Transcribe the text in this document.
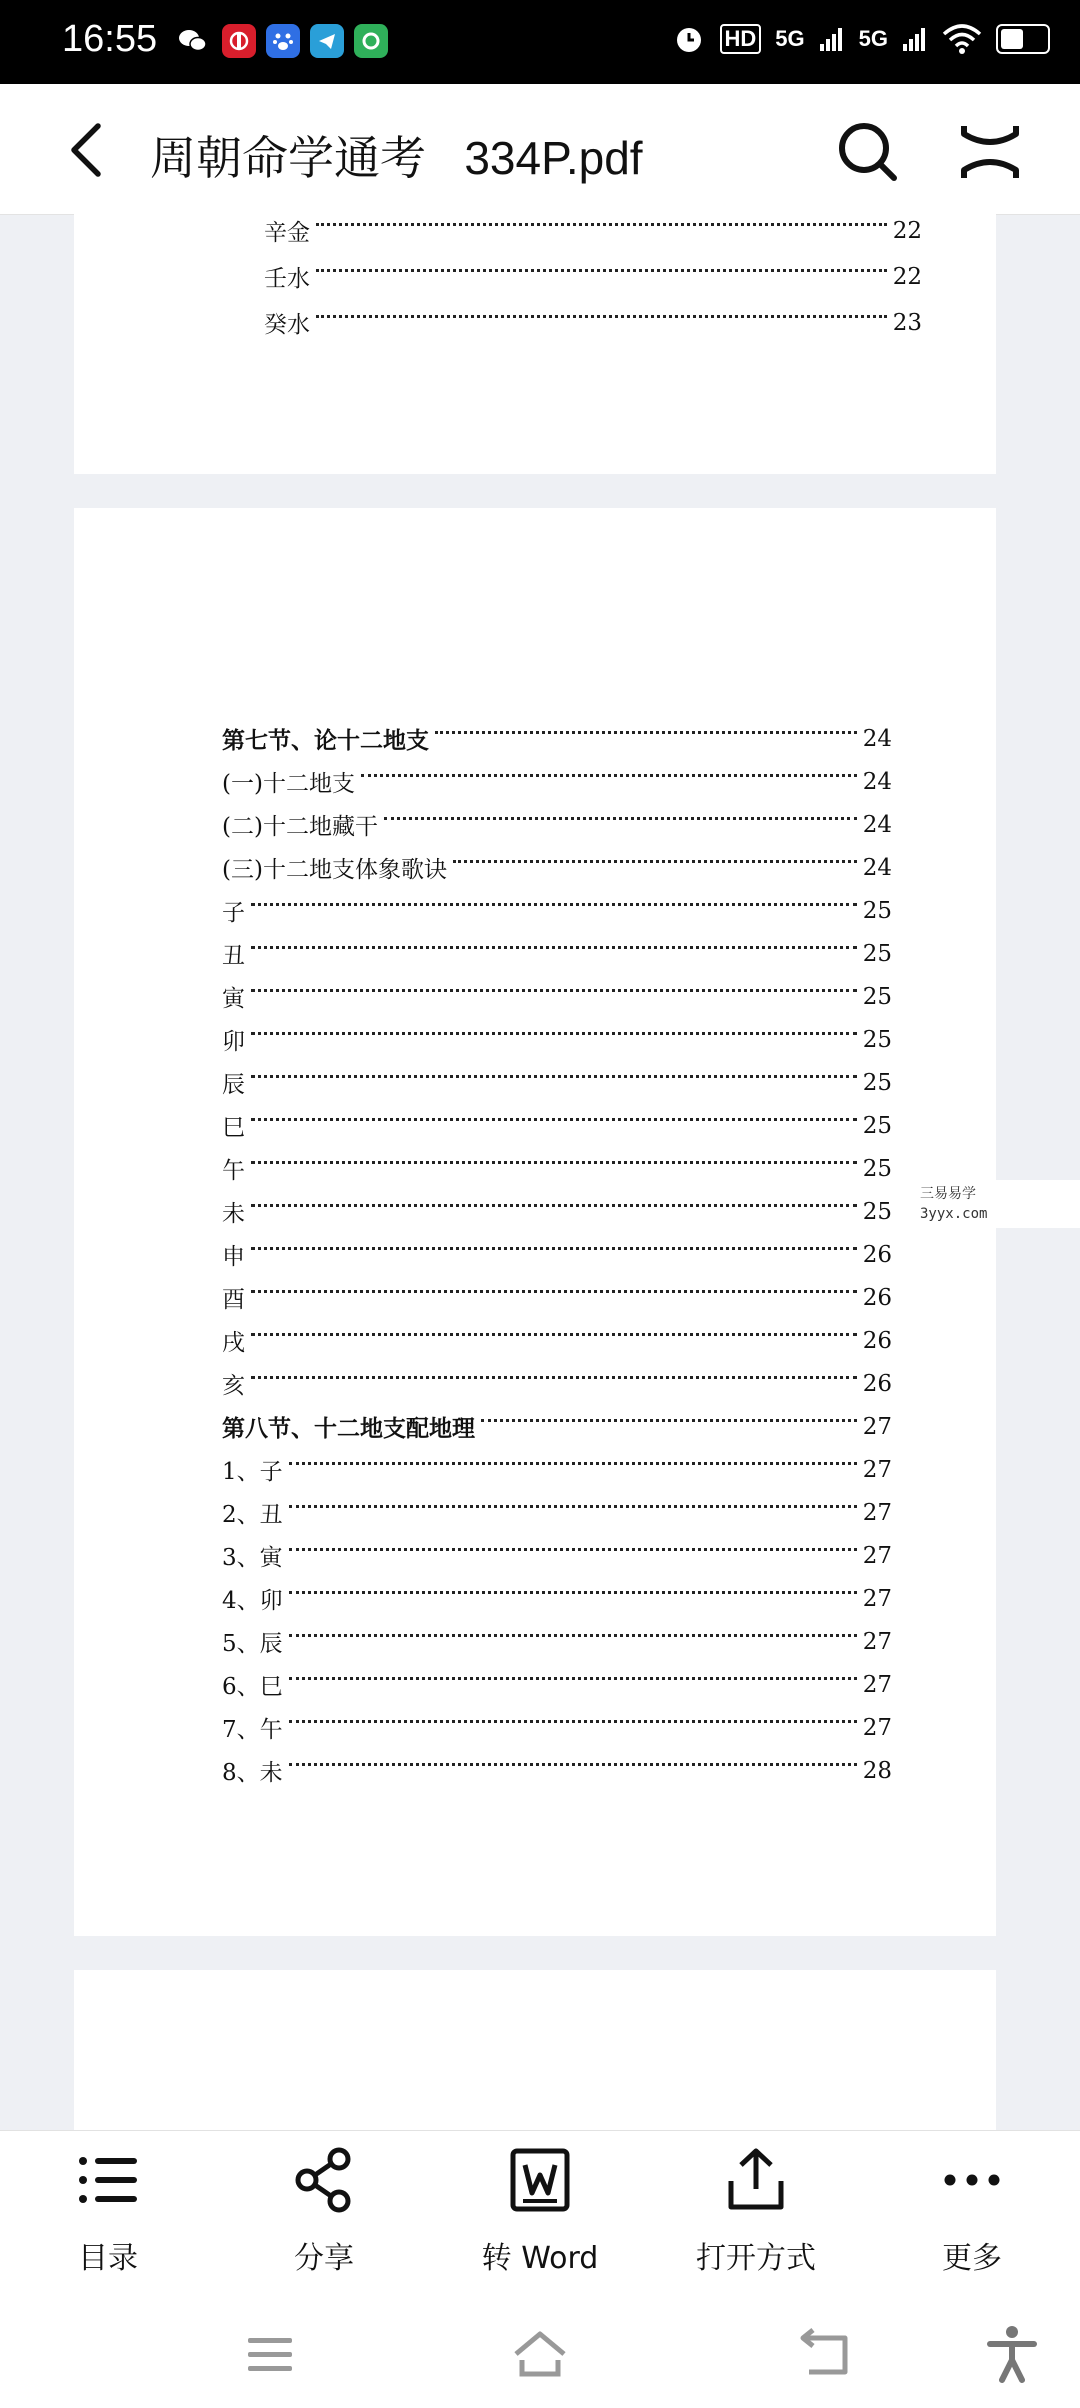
16:55	HD 5G 5G
周朝命学通考   334P.pdf
辛金	22
壬水	22
癸水	23
第七节、论十二地支	24
(一)十二地支	24
(二)十二地藏干	24
(三)十二地支体象歌诀	24
子	25
丑	25
寅	25
卯	25
辰	25
巳	25
午	25
未	25
申	26
酉	26
戌	26
亥	26
第八节、十二地支配地理	27
1、子	27
2、丑	27
3、寅	27
4、卯	27
5、辰	27
6、巳	27
7、午	27
8、未	28
三易易学
3yyx.com
目录	分享	转 Word	打开方式	更多
